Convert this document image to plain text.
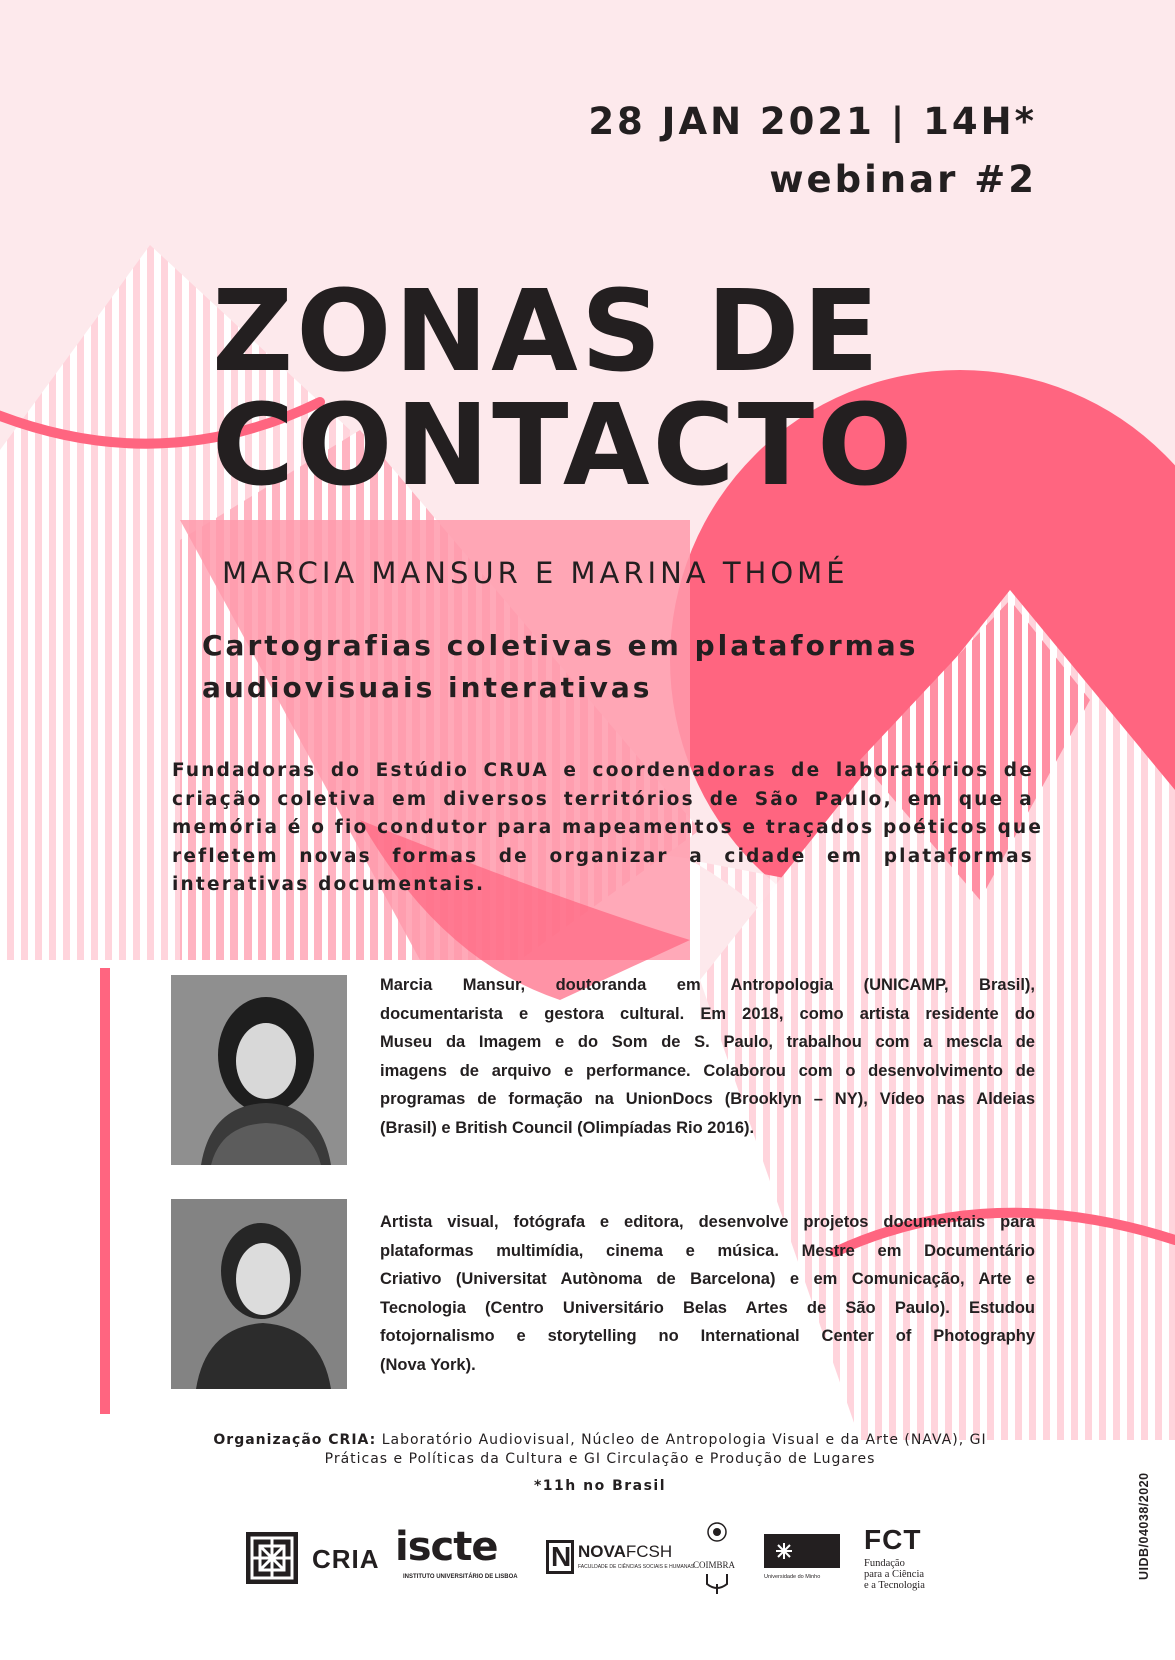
28 JAN 2021 | 14H*
webinar #2
ZONAS DE
CONTACTO
MARCIA MANSUR E MARINA THOMÉ
Cartografias coletivas em plataformas
audiovisuais interativas
Fundadoras do Estúdio CRUA e coordenadoras de laboratórios de
criação coletiva em diversos territórios de São Paulo, em que a
memória é o fio condutor para mapeamentos e traçados poéticos que
refletem novas formas de organizar a cidade em plataformas
interativas documentais.
Marcia Mansur, doutoranda em Antropologia (UNICAMP, Brasil),
documentarista e gestora cultural. Em 2018, como artista residente do
Museu da Imagem e do Som de S. Paulo, trabalhou com a mescla de
imagens de arquivo e performance. Colaborou com o desenvolvimento de
programas de formação na UnionDocs (Brooklyn – NY), Vídeo nas Aldeias
(Brasil) e British Council (Olimpíadas Rio 2016).
Artista visual, fotógrafa e editora, desenvolve projetos documentais para
plataformas multimídia, cinema e música. Mestre em Documentário
Criativo (Universitat Autònoma de Barcelona) e em Comunicação, Arte e
Tecnologia (Centro Universitário Belas Artes de São Paulo). Estudou
fotojornalismo e storytelling no International Center of Photography
(Nova York).
Organização CRIA: Laboratório Audiovisual, Núcleo de Antropologia Visual e da Arte (NAVA), GI
Práticas e Políticas da Cultura e GI Circulação e Produção de Lugares
*11h no Brasil	UIDB/04038/2020
CRIA iscte
INSTITUTO UNIVERSITÁRIO DE LISBOA
N NOVAFCSH
FACULDADE DE CIÊNCIAS SOCIAIS E HUMANAS
COIMBRA
Universidade do Minho
FCT
Fundação
para a Ciência
e a Tecnologia
